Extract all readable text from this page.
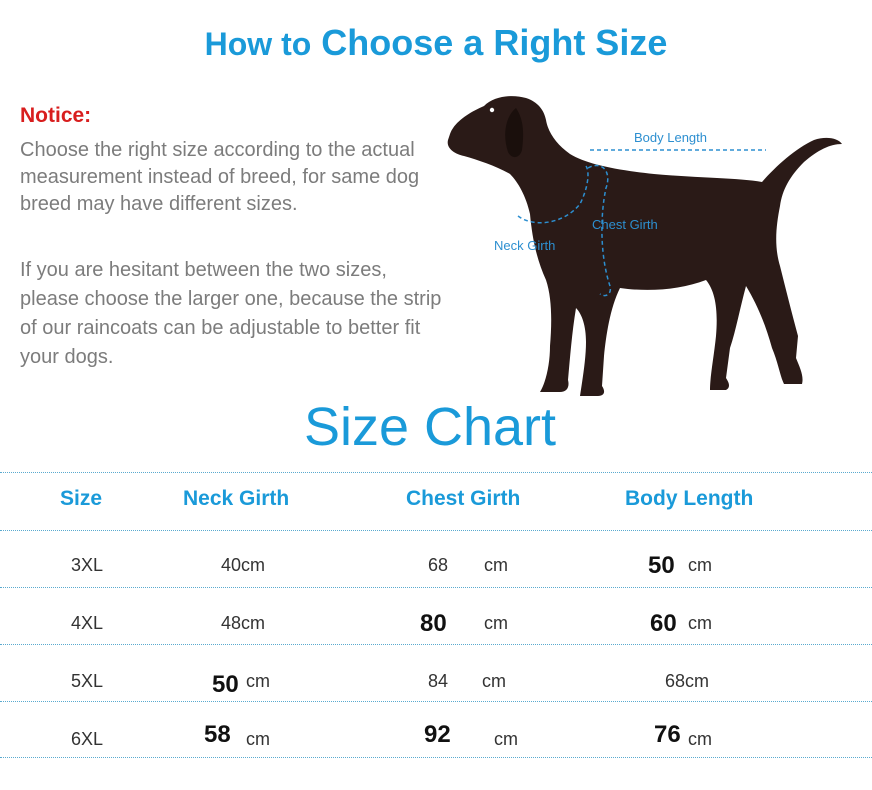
How to Choose a Right Size
Notice:
Choose the right size according to the actual measurement instead of breed, for same dog breed may have different sizes.
If you are hesitant between the two sizes, please choose the larger one, because the strip of our raincoats can be adjustable to better fit your dogs.
Body Length
Chest Girth
Neck Girth
Size Chart
Size	Neck Girth	Chest Girth	Body Length
3XL	40cm	68 cm	50 cm
4XL	48cm	80 cm	60 cm
5XL	50 cm	84 cm	68cm
6XL	58 cm	92 cm	76 cm
